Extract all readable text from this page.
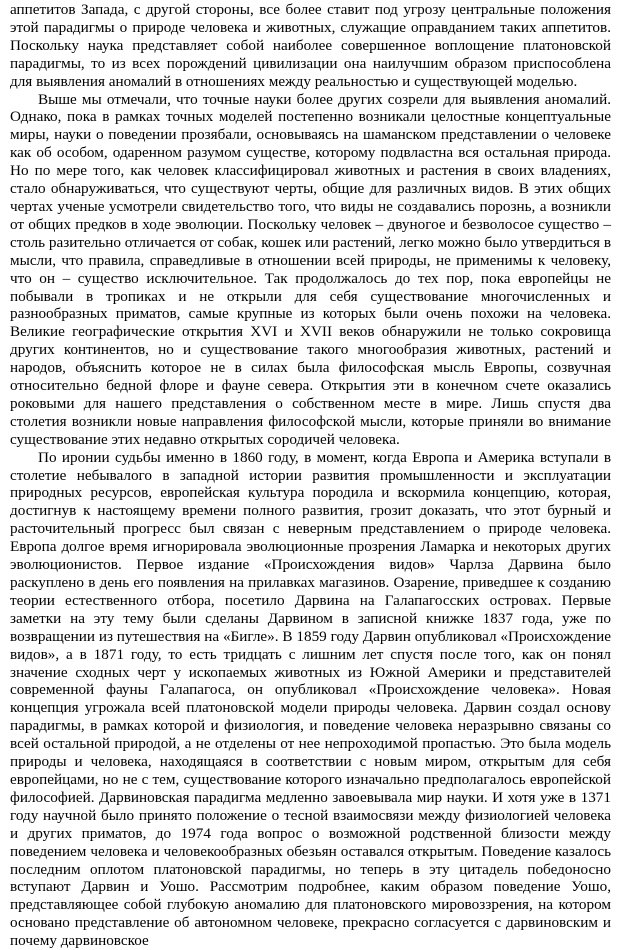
аппетитов Запада, с другой стороны, все более ставит под угрозу центральные положения этой парадигмы о природе человека и животных, служащие оправданием таких аппетитов. Поскольку наука представляет собой наиболее совершенное воплощение платоновской парадигмы, то из всех порождений цивилизации она наилучшим образом приспособлена для выявления аномалий в отношениях между реальностью и существующей моделью.

Выше мы отмечали, что точные науки более других созрели для выявления аномалий. Однако, пока в рамках точных моделей постепенно возникали целостные концептуальные миры, науки о поведении прозябали, основываясь на шаманском представлении о человеке как об особом, одаренном разумом существе, которому подвластна вся остальная природа. Но по мере того, как человек классифицировал животных и растения в своих владениях, стало обнаруживаться, что существуют черты, общие для различных видов. В этих общих чертах ученые усмотрели свидетельство того, что виды не создавались порознь, а возникли от общих предков в ходе эволюции. Поскольку человек – двуногое и безволосое существо – столь разительно отличается от собак, кошек или растений, легко можно было утвердиться в мысли, что правила, справедливые в отношении всей природы, не применимы к человеку, что он – существо исключительное. Так продолжалось до тех пор, пока европейцы не побывали в тропиках и не открыли для себя существование многочисленных и разнообразных приматов, самые крупные из которых были очень похожи на человека. Великие географические открытия XVI и XVII веков обнаружили не только сокровища других континентов, но и существование такого многообразия животных, растений и народов, объяснить которое не в силах была философская мысль Европы, созвучная относительно бедной флоре и фауне севера. Открытия эти в конечном счете оказались роковыми для нашего представления о собственном месте в мире. Лишь спустя два столетия возникли новые направления философской мысли, которые приняли во внимание существование этих недавно открытых сородичей человека.

По иронии судьбы именно в 1860 году, в момент, когда Европа и Америка вступали в столетие небывалого в западной истории развития промышленности и эксплуатации природных ресурсов, европейская культура породила и вскормила концепцию, которая, достигнув к настоящему времени полного развития, грозит доказать, что этот бурный и расточительный прогресс был связан с неверным представлением о природе человека. Европа долгое время игнорировала эволюционные прозрения Ламарка и некоторых других эволюционистов. Первое издание «Происхождения видов» Чарлза Дарвина было раскуплено в день его появления на прилавках магазинов. Озарение, приведшее к созданию теории естественного отбора, посетило Дарвина на Галапагосских островах. Первые заметки на эту тему были сделаны Дарвином в записной книжке 1837 года, уже по возвращении из путешествия на «Бигле». В 1859 году Дарвин опубликовал «Происхождение видов», а в 1871 году, то есть тридцать с лишним лет спустя после того, как он понял значение сходных черт у ископаемых животных из Южной Америки и представителей современной фауны Галапагоса, он опубликовал «Происхождение человека». Новая концепция угрожала всей платоновской модели природы человека. Дарвин создал основу парадигмы, в рамках которой и физиология, и поведение человека неразрывно связаны со всей остальной природой, а не отделены от нее непроходимой пропастью. Это была модель природы и человека, находящаяся в соответствии с новым миром, открытым для себя европейцами, но не с тем, существование которого изначально предполагалось европейской философией. Дарвиновская парадигма медленно завоевывала мир науки. И хотя уже в 1371 году научной было принято положение о тесной взаимосвязи между физиологией человека и других приматов, до 1974 года вопрос о возможной родственной близости между поведением человека и человекообразных обезьян оставался открытым. Поведение казалось последним оплотом платоновской парадигмы, но теперь в эту цитадель победоносно вступают Дарвин и Уошо. Рассмотрим подробнее, каким образом поведение Уошо, представляющее собой глубокую аномалию для платоновского мировоззрения, на котором основано представление об автономном человеке, прекрасно согласуется с дарвиновским и почему дарвиновское
